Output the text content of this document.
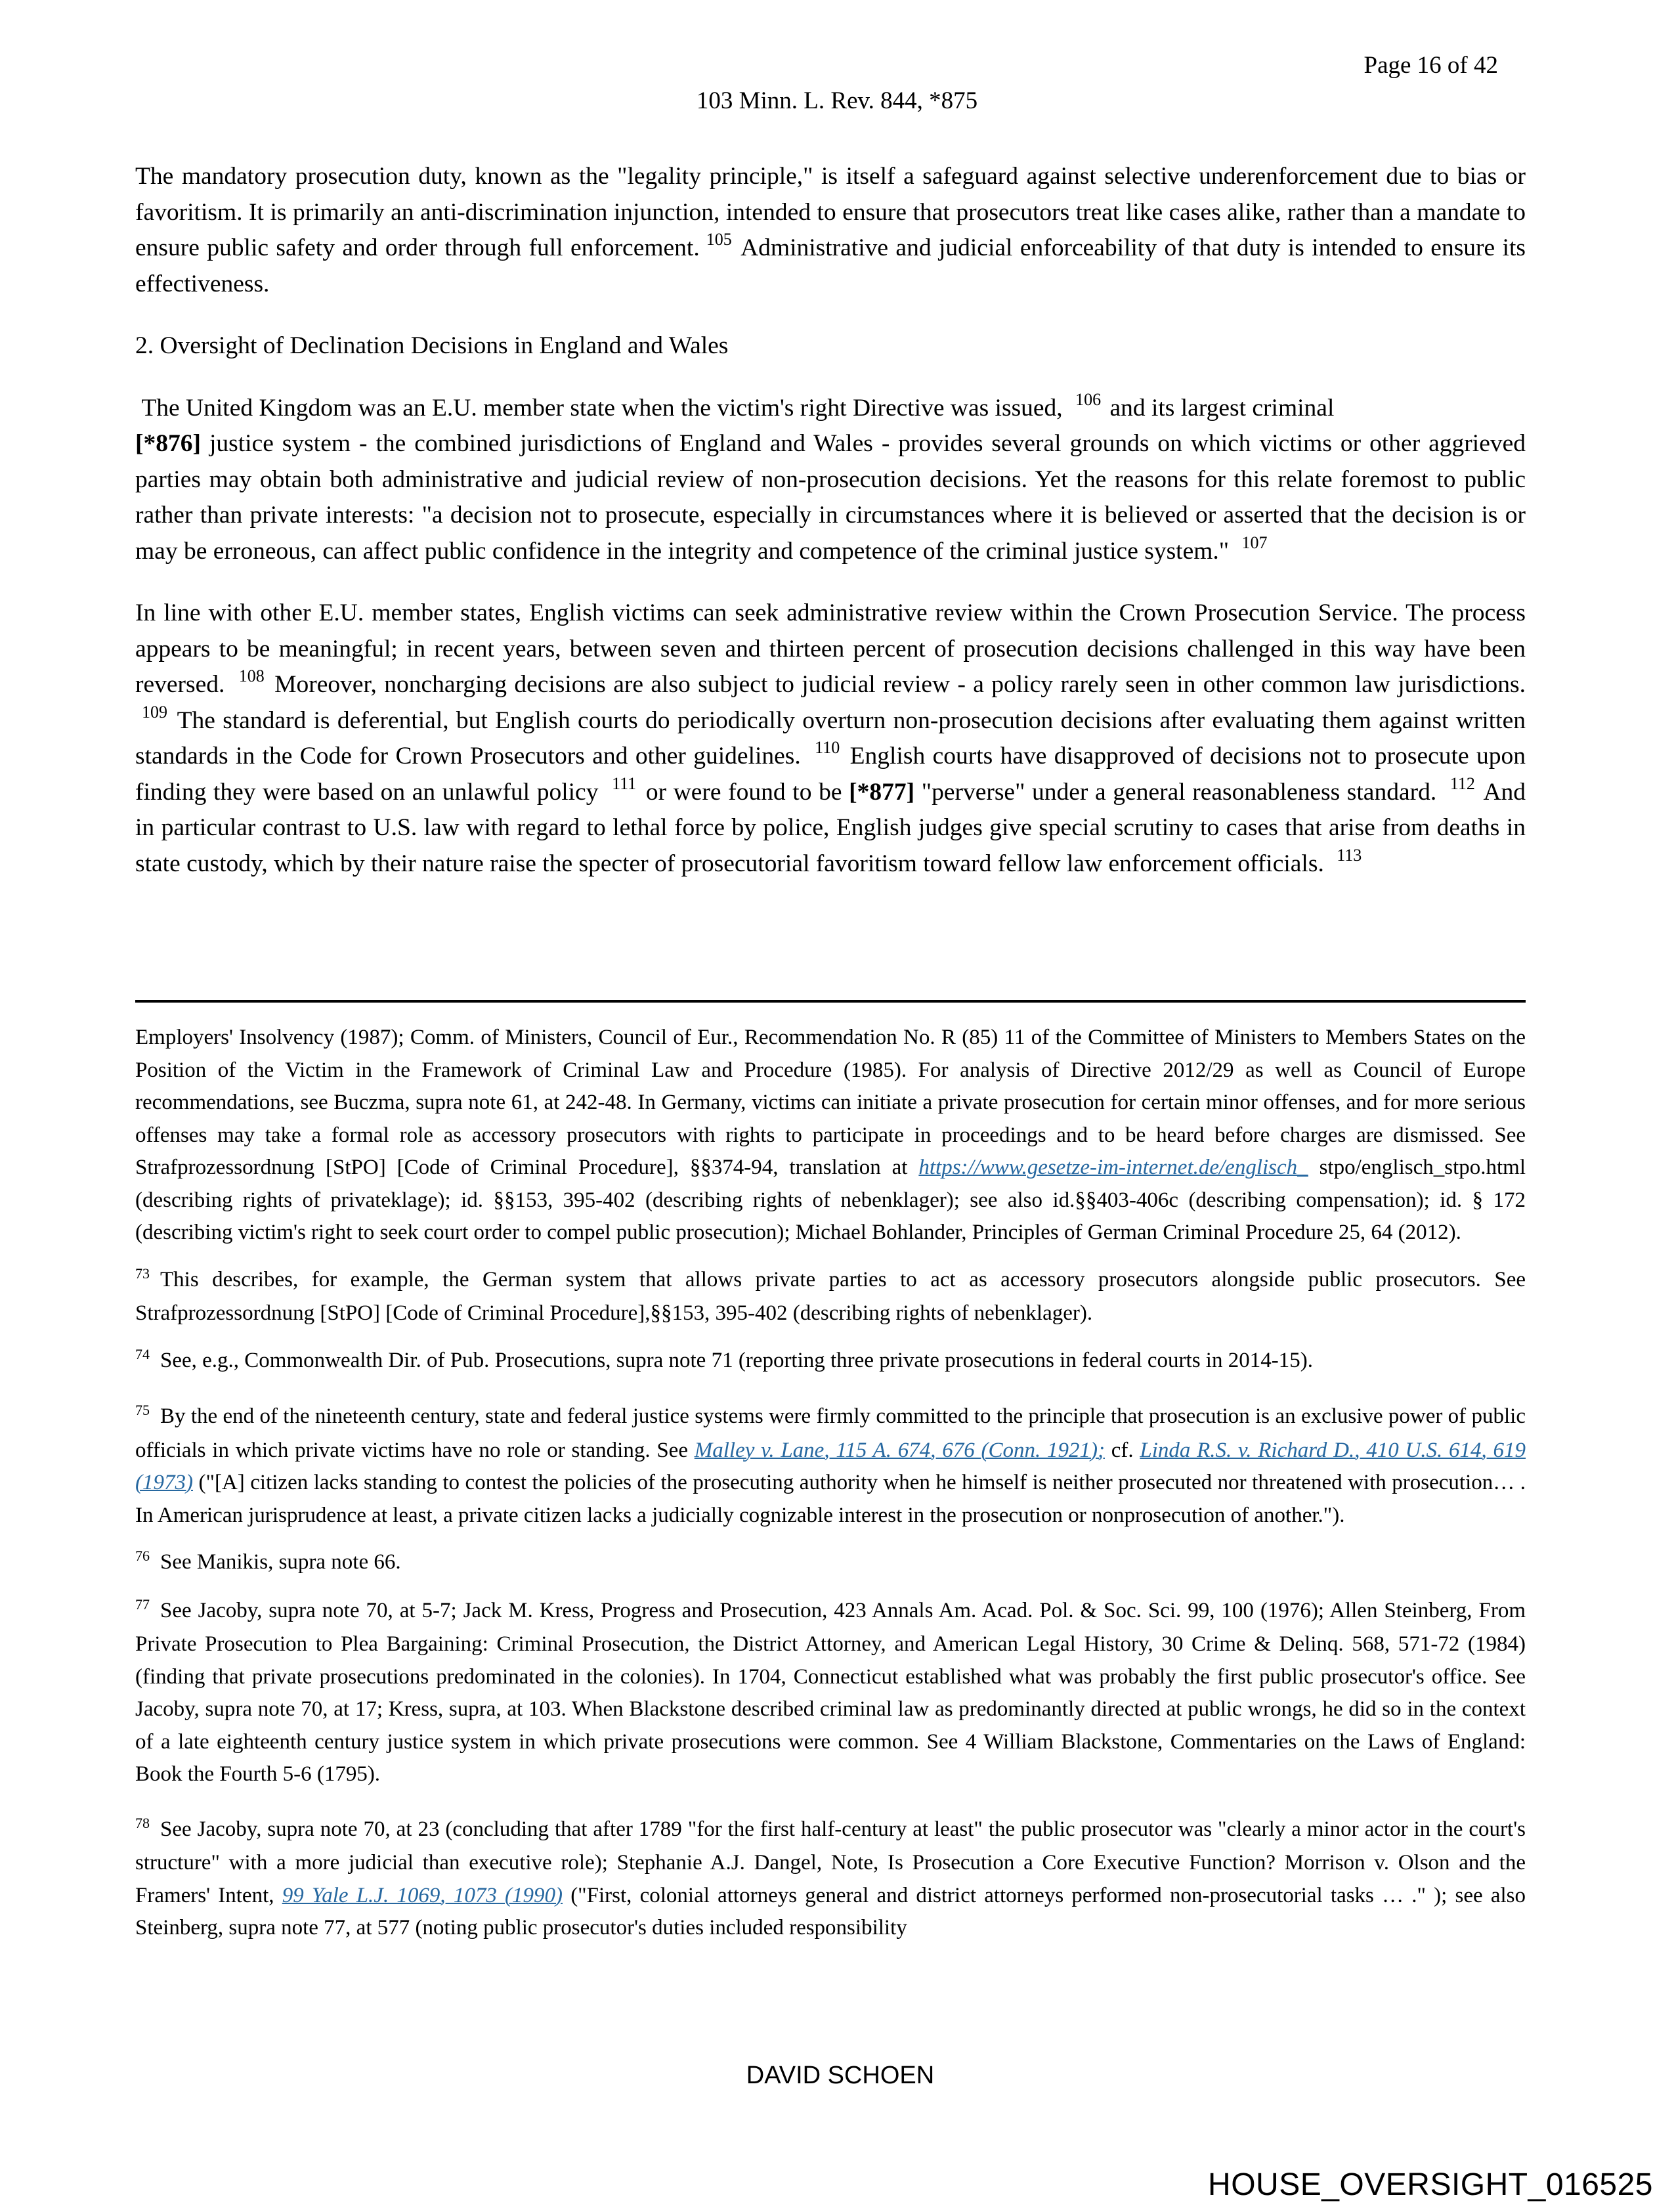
Page 16 of 42
103 Minn. L. Rev. 844, *875

The mandatory prosecution duty, known as the "legality principle," is itself a safeguard against selective underenforcement due to bias or favoritism. It is primarily an anti-discrimination injunction, intended to ensure that prosecutors treat like cases alike, rather than a mandate to ensure public safety and order through full enforcement. $^{105}$ Administrative and judicial enforceability of that duty is intended to ensure its effectiveness.

2. Oversight of Declination Decisions in England and Wales

The United Kingdom was an E.U. member state when the victim's right Directive was issued, $^{106}$ and its largest criminal
[*876] justice system - the combined jurisdictions of England and Wales - provides several grounds on which victims or other aggrieved parties may obtain both administrative and judicial review of non-prosecution decisions. Yet the reasons for this relate foremost to public rather than private interests: "a decision not to prosecute, especially in circumstances where it is believed or asserted that the decision is or may be erroneous, can affect public confidence in the integrity and competence of the criminal justice system." $^{107}$

In line with other E.U. member states, English victims can seek administrative review within the Crown Prosecution Service. The process appears to be meaningful; in recent years, between seven and thirteen percent of prosecution decisions challenged in this way have been reversed. $^{108}$ Moreover, noncharging decisions are also subject to judicial review - a policy rarely seen in other common law jurisdictions. $^{109}$ The standard is deferential, but English courts do periodically overturn non-prosecution decisions after evaluating them against written standards in the Code for Crown Prosecutors and other guidelines. $^{110}$ English courts have disapproved of decisions not to prosecute upon finding they were based on an unlawful policy $^{111}$ or were found to be [*877] "perverse" under a general reasonableness standard. $^{112}$ And in particular contrast to U.S. law with regard to lethal force by police, English judges give special scrutiny to cases that arise from deaths in state custody, which by their nature raise the specter of prosecutorial favoritism toward fellow law enforcement officials. $^{113}$

Employers' Insolvency (1987); Comm. of Ministers, Council of Eur., Recommendation No. R (85) 11 of the Committee of Ministers to Members States on the Position of the Victim in the Framework of Criminal Law and Procedure (1985). For analysis of Directive 2012/29 as well as Council of Europe recommendations, see Buczma, supra note 61, at 242-48. In Germany, victims can initiate a private prosecution for certain minor offenses, and for more serious offenses may take a formal role as accessory prosecutors with rights to participate in proceedings and to be heard before charges are dismissed. See Strafprozessordnung [StPO] [Code of Criminal Procedure], §§374-94, translation at https://www.gesetze-im-internet.de/englisch_ stpo/englisch_stpo.html (describing rights of privateklage); id. §§153, 395-402 (describing rights of nebenklager); see also id.§§403-406c (describing compensation); id. § 172 (describing victim's right to seek court order to compel public prosecution); Michael Bohlander, Principles of German Criminal Procedure 25, 64 (2012).

$^{73}$ This describes, for example, the German system that allows private parties to act as accessory prosecutors alongside public prosecutors. See Strafprozessordnung [StPO] [Code of Criminal Procedure],§§153, 395-402 (describing rights of nebenklager).

$^{74}$ See, e.g., Commonwealth Dir. of Pub. Prosecutions, supra note 71 (reporting three private prosecutions in federal courts in 2014-15).

$^{75}$ By the end of the nineteenth century, state and federal justice systems were firmly committed to the principle that prosecution is an exclusive power of public officials in which private victims have no role or standing. See Malley v. Lane, 115 A. 674, 676 (Conn. 1921); cf. Linda R.S. v. Richard D., 410 U.S. 614, 619 (1973) ("[A] citizen lacks standing to contest the policies of the prosecuting authority when he himself is neither prosecuted nor threatened with prosecution… . In American jurisprudence at least, a private citizen lacks a judicially cognizable interest in the prosecution or nonprosecution of another.").

$^{76}$ See Manikis, supra note 66.

$^{77}$ See Jacoby, supra note 70, at 5-7; Jack M. Kress, Progress and Prosecution, 423 Annals Am. Acad. Pol. & Soc. Sci. 99, 100 (1976); Allen Steinberg, From Private Prosecution to Plea Bargaining: Criminal Prosecution, the District Attorney, and American Legal History, 30 Crime & Delinq. 568, 571-72 (1984) (finding that private prosecutions predominated in the colonies). In 1704, Connecticut established what was probably the first public prosecutor's office. See Jacoby, supra note 70, at 17; Kress, supra, at 103. When Blackstone described criminal law as predominantly directed at public wrongs, he did so in the context of a late eighteenth century justice system in which private prosecutions were common. See 4 William Blackstone, Commentaries on the Laws of England: Book the Fourth 5-6 (1795).

$^{78}$ See Jacoby, supra note 70, at 23 (concluding that after 1789 "for the first half-century at least" the public prosecutor was "clearly a minor actor in the court's structure" with a more judicial than executive role); Stephanie A.J. Dangel, Note, Is Prosecution a Core Executive Function? Morrison v. Olson and the Framers' Intent, 99 Yale L.J. 1069, 1073 (1990) ("First, colonial attorneys general and district attorneys performed non-prosecutorial tasks … ." ); see also Steinberg, supra note 77, at 577 (noting public prosecutor's duties included responsibility

DAVID SCHOEN
HOUSE_OVERSIGHT_016525
